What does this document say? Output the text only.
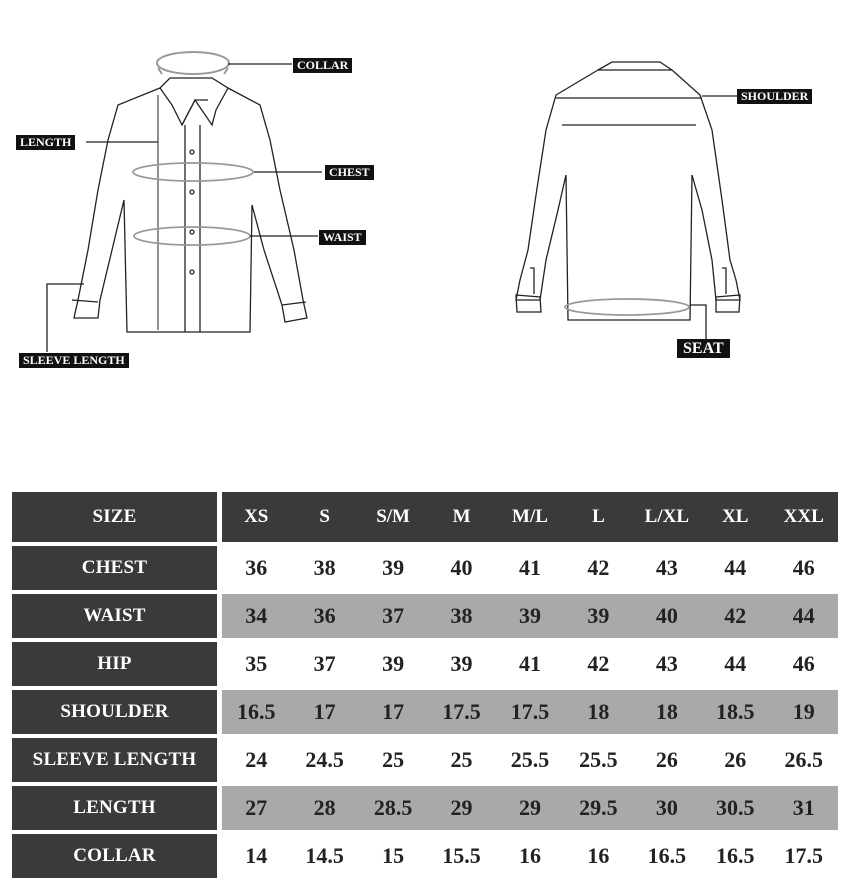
COLLAR
LENGTH
CHEST
WAIST
SLEEVE LENGTH
SHOULDER
SEAT
SIZE	XS	S	S/M	M	M/L	L	L/XL	XL	XXL
CHEST	36	38	39	40	41	42	43	44	46
WAIST	34	36	37	38	39	39	40	42	44
HIP	35	37	39	39	41	42	43	44	46
SHOULDER	16.5	17	17	17.5	17.5	18	18	18.5	19
SLEEVE LENGTH	24	24.5	25	25	25.5	25.5	26	26	26.5
LENGTH	27	28	28.5	29	29	29.5	30	30.5	31
COLLAR	14	14.5	15	15.5	16	16	16.5	16.5	17.5
